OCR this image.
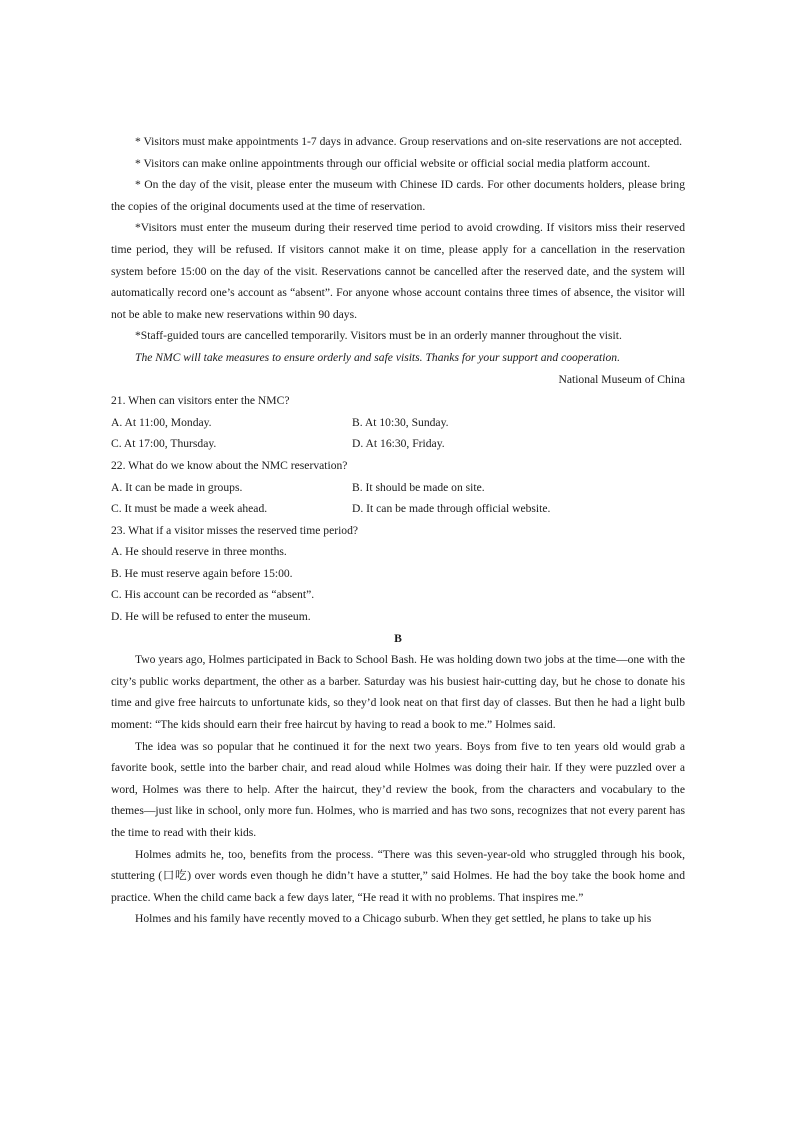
* Visitors must make appointments 1-7 days in advance. Group reservations and on-site reservations are not accepted.

* Visitors can make online appointments through our official website or official social media platform account.

* On the day of the visit, please enter the museum with Chinese ID cards. For other documents holders, please bring the copies of the original documents used at the time of reservation.

*Visitors must enter the museum during their reserved time period to avoid crowding. If visitors miss their reserved time period, they will be refused. If visitors cannot make it on time, please apply for a cancellation in the reservation system before 15:00 on the day of the visit. Reservations cannot be cancelled after the reserved date, and the system will automatically record one’s account as “absent”. For anyone whose account contains three times of absence, the visitor will not be able to make new reservations within 90 days.

*Staff-guided tours are cancelled temporarily. Visitors must be in an orderly manner throughout the visit.

The NMC will take measures to ensure orderly and safe visits. Thanks for your support and cooperation.

National Museum of China

21. When can visitors enter the NMC?

A. At 11:00, Monday.	B. At 10:30, Sunday.
C. At 17:00, Thursday.	D. At 16:30, Friday.

22. What do we know about the NMC reservation?

A. It can be made in groups.	B. It should be made on site.
C. It must be made a week ahead.	D. It can be made through official website.

23. What if a visitor misses the reserved time period?

A. He should reserve in three months.

B. He must reserve again before 15:00.

C. His account can be recorded as “absent”.

D. He will be refused to enter the museum.

B

Two years ago, Holmes participated in Back to School Bash. He was holding down two jobs at the time—one with the city’s public works department, the other as a barber. Saturday was his busiest hair-cutting day, but he chose to donate his time and give free haircuts to unfortunate kids, so they’d look neat on that first day of classes. But then he had a light bulb moment: “The kids should earn their free haircut by having to read a book to me.” Holmes said.

The idea was so popular that he continued it for the next two years. Boys from five to ten years old would grab a favorite book, settle into the barber chair, and read aloud while Holmes was doing their hair. If they were puzzled over a word, Holmes was there to help. After the haircut, they’d review the book, from the characters and vocabulary to the themes—just like in school, only more fun. Holmes, who is married and has two sons, recognizes that not every parent has the time to read with their kids.

Holmes admits he, too, benefits from the process. “There was this seven-year-old who struggled through his book, stuttering (口吃) over words even though he didn’t have a stutter,” said Holmes. He had the boy take the book home and practice. When the child came back a few days later, “He read it with no problems. That inspires me.”

Holmes and his family have recently moved to a Chicago suburb. When they get settled, he plans to take up his
